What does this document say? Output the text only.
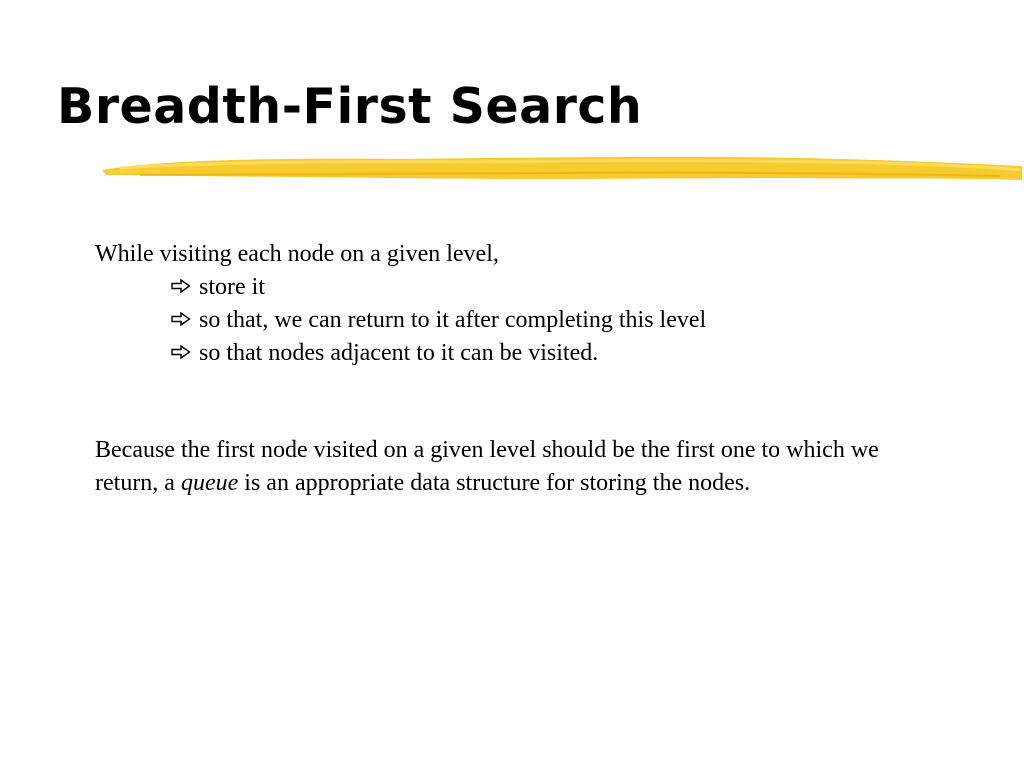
Breadth-First Search
While visiting each node on a given level,
store it
so that, we can return to it after completing this level
so that nodes adjacent to it can be visited.

Because the first node visited on a given level should be the first one to which we return, a queue is an appropriate data structure for storing the nodes.
